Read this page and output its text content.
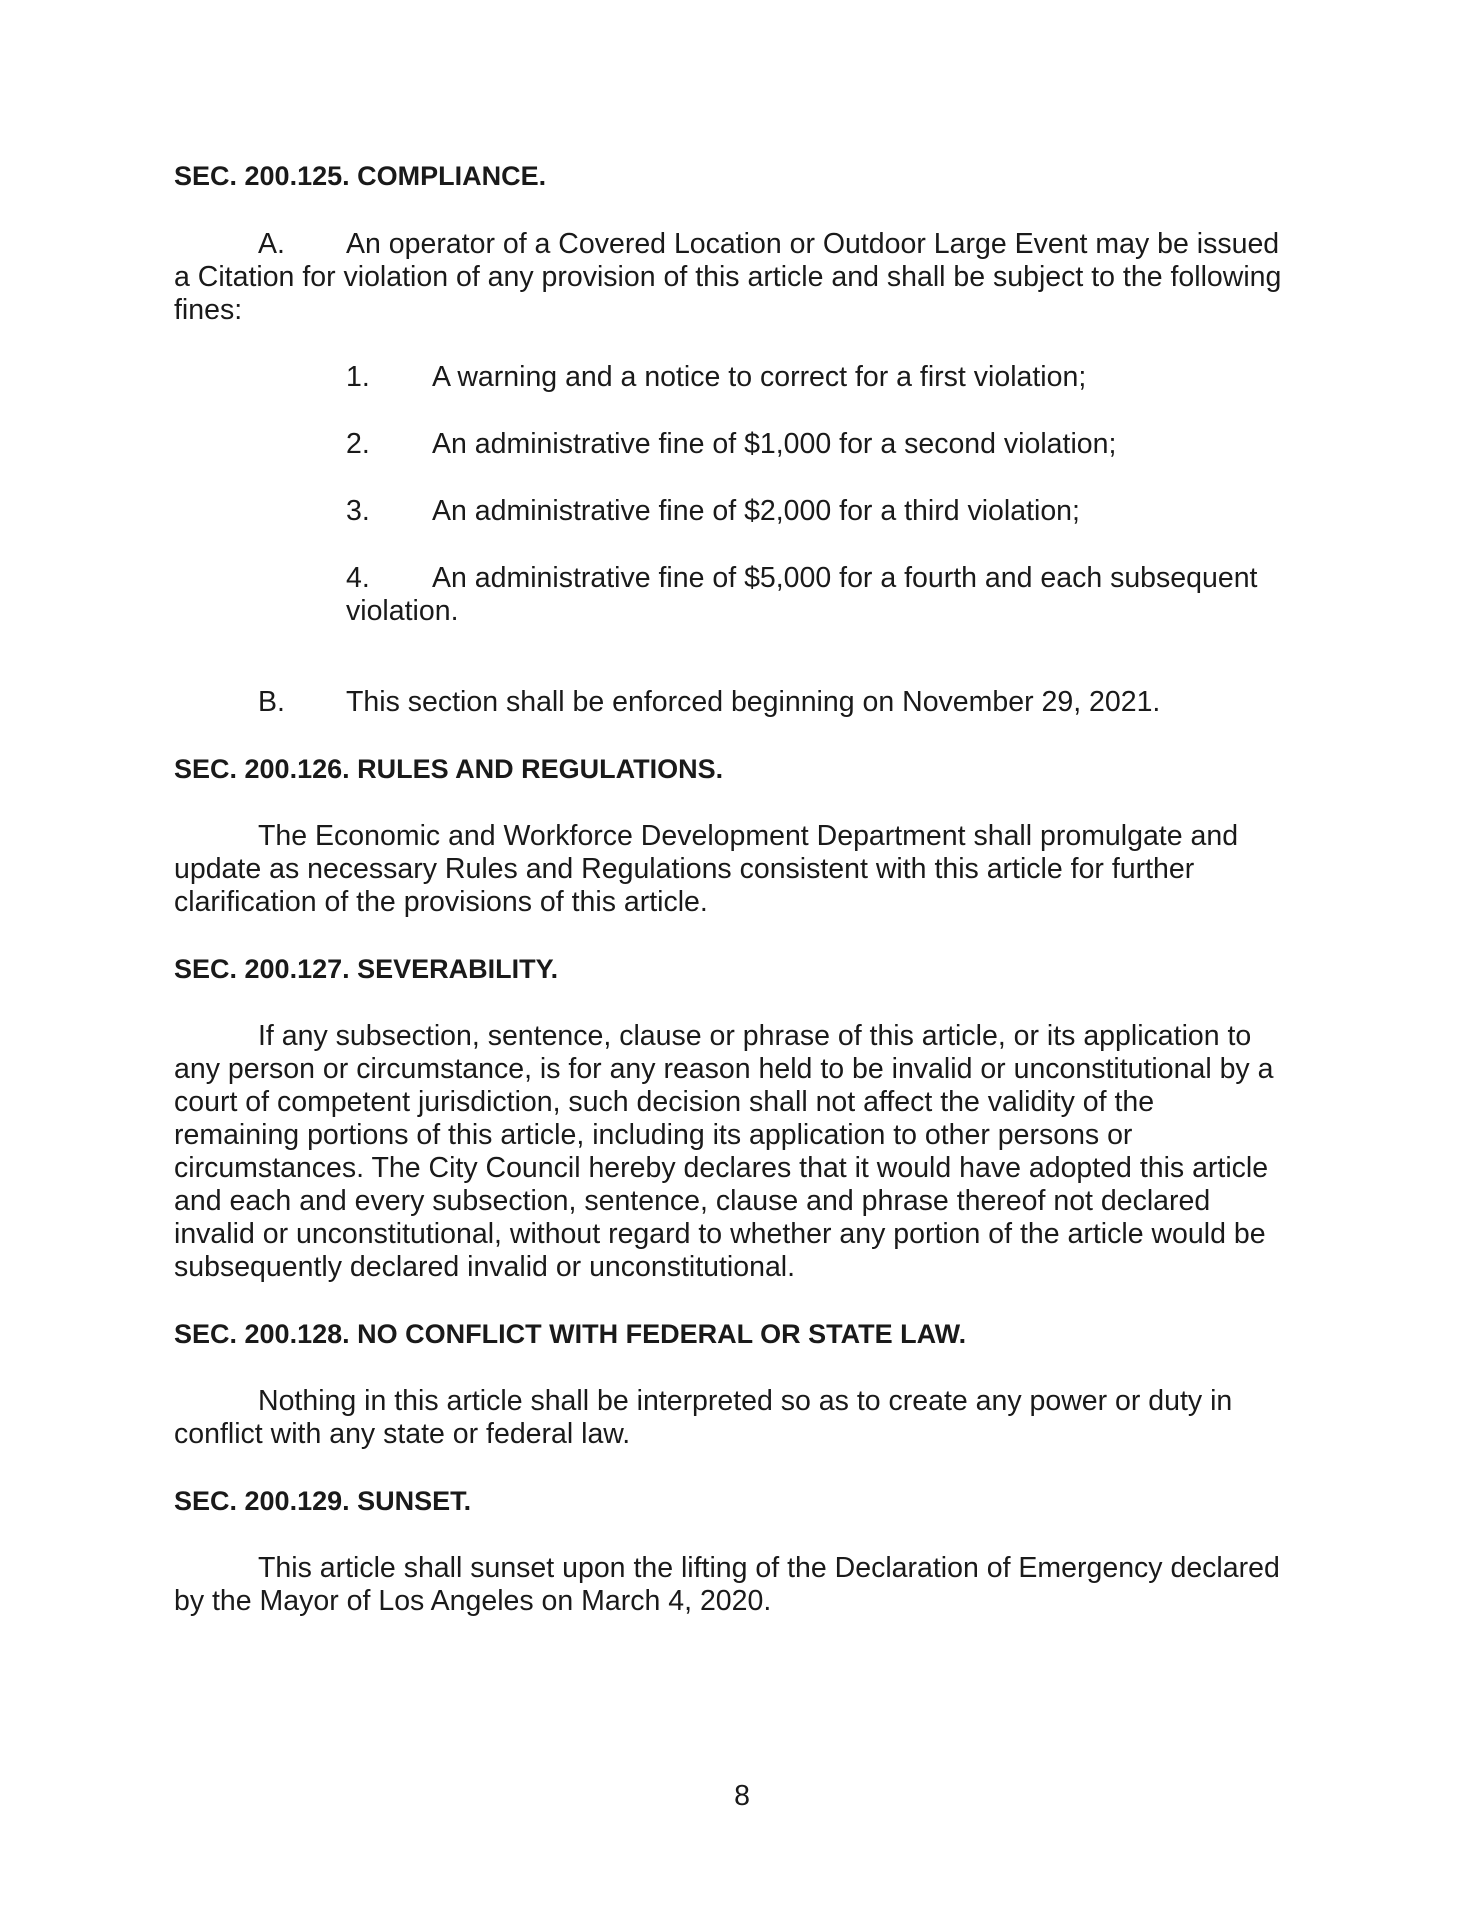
SEC. 200.125. COMPLIANCE.
A. An operator of a Covered Location or Outdoor Large Event may be issued
a Citation for violation of any provision of this article and shall be subject to the following
fines:
1. A warning and a notice to correct for a first violation;
2. An administrative fine of $1,000 for a second violation;
3. An administrative fine of $2,000 for a third violation;
4. An administrative fine of $5,000 for a fourth and each subsequent
violation.
B. This section shall be enforced beginning on November 29, 2021.
SEC. 200.126. RULES AND REGULATIONS.
The Economic and Workforce Development Department shall promulgate and
update as necessary Rules and Regulations consistent with this article for further
clarification of the provisions of this article.
SEC. 200.127. SEVERABILITY.
If any subsection, sentence, clause or phrase of this article, or its application to
any person or circumstance, is for any reason held to be invalid or unconstitutional by a
court of competent jurisdiction, such decision shall not affect the validity of the
remaining portions of this article, including its application to other persons or
circumstances. The City Council hereby declares that it would have adopted this article
and each and every subsection, sentence, clause and phrase thereof not declared
invalid or unconstitutional, without regard to whether any portion of the article would be
subsequently declared invalid or unconstitutional.
SEC. 200.128. NO CONFLICT WITH FEDERAL OR STATE LAW.
Nothing in this article shall be interpreted so as to create any power or duty in
conflict with any state or federal law.
SEC. 200.129. SUNSET.
This article shall sunset upon the lifting of the Declaration of Emergency declared
by the Mayor of Los Angeles on March 4, 2020.
8
